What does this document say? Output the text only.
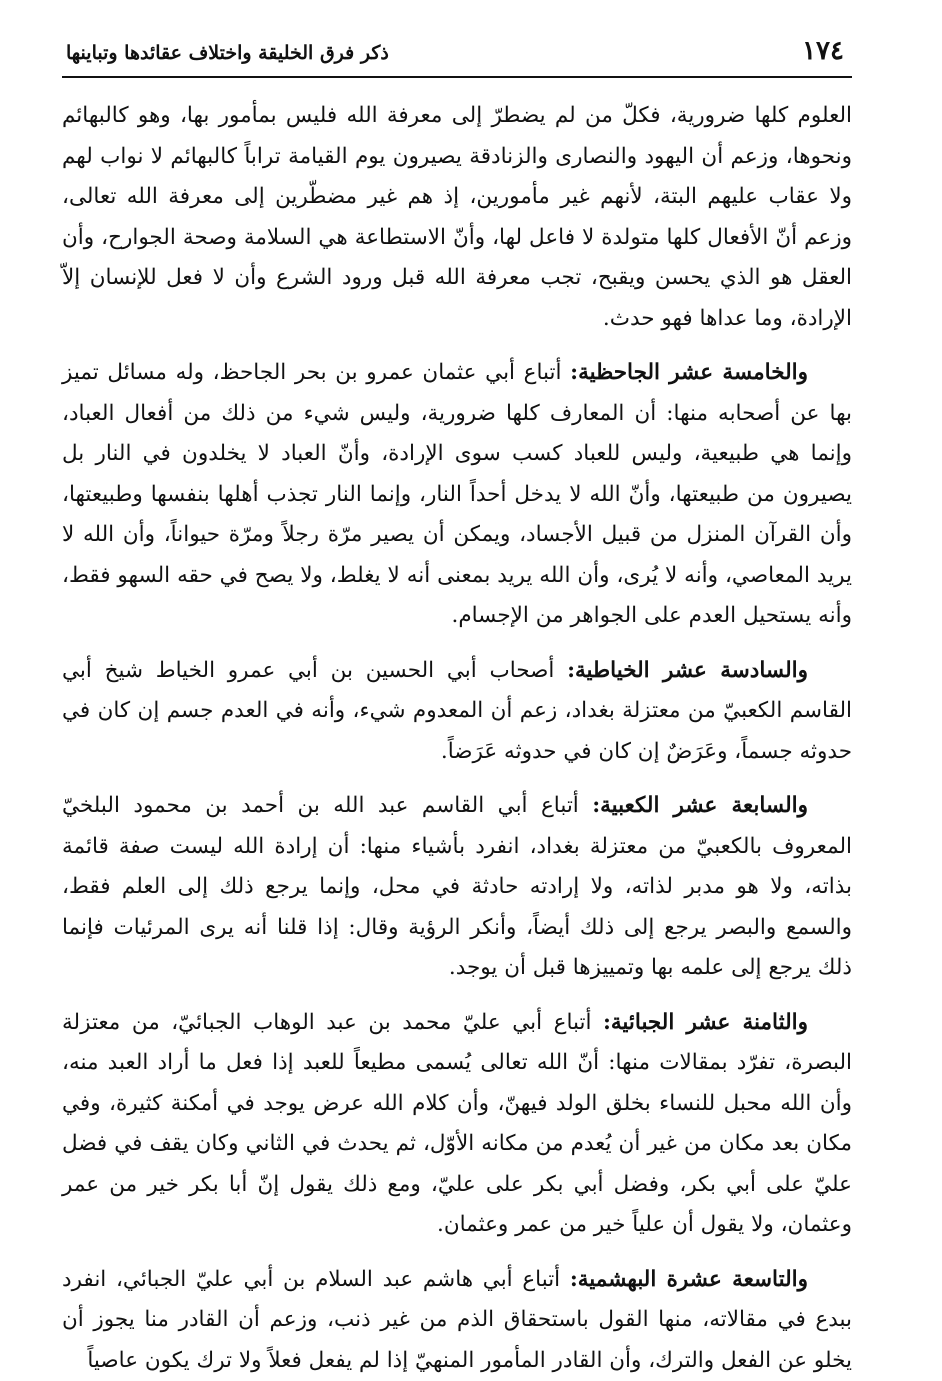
١٧٤
ذكر فرق الخليقة واختلاف عقائدها وتباينها

العلوم كلها ضرورية، فكلّ من لم يضطرّ إلى معرفة الله فليس بمأمور بها، وهو كالبهائم ونحوها، وزعم أن اليهود والنصارى والزنادقة يصيرون يوم القيامة تراباً كالبهائم لا نواب لهم ولا عقاب عليهم البتة، لأنهم غير مأمورين، إذ هم غير مضطّرين إلى معرفة الله تعالى، وزعم أنّ الأفعال كلها متولدة لا فاعل لها، وأنّ الاستطاعة هي السلامة وصحة الجوارح، وأن العقل هو الذي يحسن ويقبح، تجب معرفة الله قبل ورود الشرع وأن لا فعل للإنسان إلاّ الإرادة، وما عداها فهو حدث.

والخامسة عشر الجاحظية: أتباع أبي عثمان عمرو بن بحر الجاحظ، وله مسائل تميز بها عن أصحابه منها: أن المعارف كلها ضرورية، وليس شيء من ذلك من أفعال العباد، وإنما هي طبيعية، وليس للعباد كسب سوى الإرادة، وأنّ العباد لا يخلدون في النار بل يصيرون من طبيعتها، وأنّ الله لا يدخل أحداً النار، وإنما النار تجذب أهلها بنفسها وطبيعتها، وأن القرآن المنزل من قبيل الأجساد، ويمكن أن يصير مرّة رجلاً ومرّة حيواناً، وأن الله لا يريد المعاصي، وأنه لا يُرى، وأن الله يريد بمعنى أنه لا يغلط، ولا يصح في حقه السهو فقط، وأنه يستحيل العدم على الجواهر من الإجسام.

والسادسة عشر الخياطية: أصحاب أبي الحسين بن أبي عمرو الخياط شيخ أبي القاسم الكعبيّ من معتزلة بغداد، زعم أن المعدوم شيء، وأنه في العدم جسم إن كان في حدوثه جسماً، وعَرَضٌ إن كان في حدوثه عَرَضاً.

والسابعة عشر الكعبية: أتباع أبي القاسم عبد الله بن أحمد بن محمود البلخيّ المعروف بالكعبيّ من معتزلة بغداد، انفرد بأشياء منها: أن إرادة الله ليست صفة قائمة بذاته، ولا هو مدبر لذاته، ولا إرادته حادثة في محل، وإنما يرجع ذلك إلى العلم فقط، والسمع والبصر يرجع إلى ذلك أيضاً، وأنكر الرؤية وقال: إذا قلنا أنه يرى المرئيات فإنما ذلك يرجع إلى علمه بها وتمييزها قبل أن يوجد.

والثامنة عشر الجبائية: أتباع أبي عليّ محمد بن عبد الوهاب الجبائيّ، من معتزلة البصرة، تفرّد بمقالات منها: أنّ الله تعالى يُسمى مطيعاً للعبد إذا فعل ما أراد العبد منه، وأن الله محبل للنساء بخلق الولد فيهنّ، وأن كلام الله عرض يوجد في أمكنة كثيرة، وفي مكان بعد مكان من غير أن يُعدم من مكانه الأوّل، ثم يحدث في الثاني وكان يقف في فضل عليّ على أبي بكر، وفضل أبي بكر على عليّ، ومع ذلك يقول إنّ أبا بكر خير من عمر وعثمان، ولا يقول أن علياً خير من عمر وعثمان.

والتاسعة عشرة البهشمية: أتباع أبي هاشم عبد السلام بن أبي عليّ الجبائي، انفرد ببدع في مقالاته، منها القول باستحقاق الذم من غير ذنب، وزعم أن القادر منا يجوز أن يخلو عن الفعل والترك، وأن القادر المأمور المنهيّ إذا لم يفعل فعلاً ولا ترك يكون عاصياً
